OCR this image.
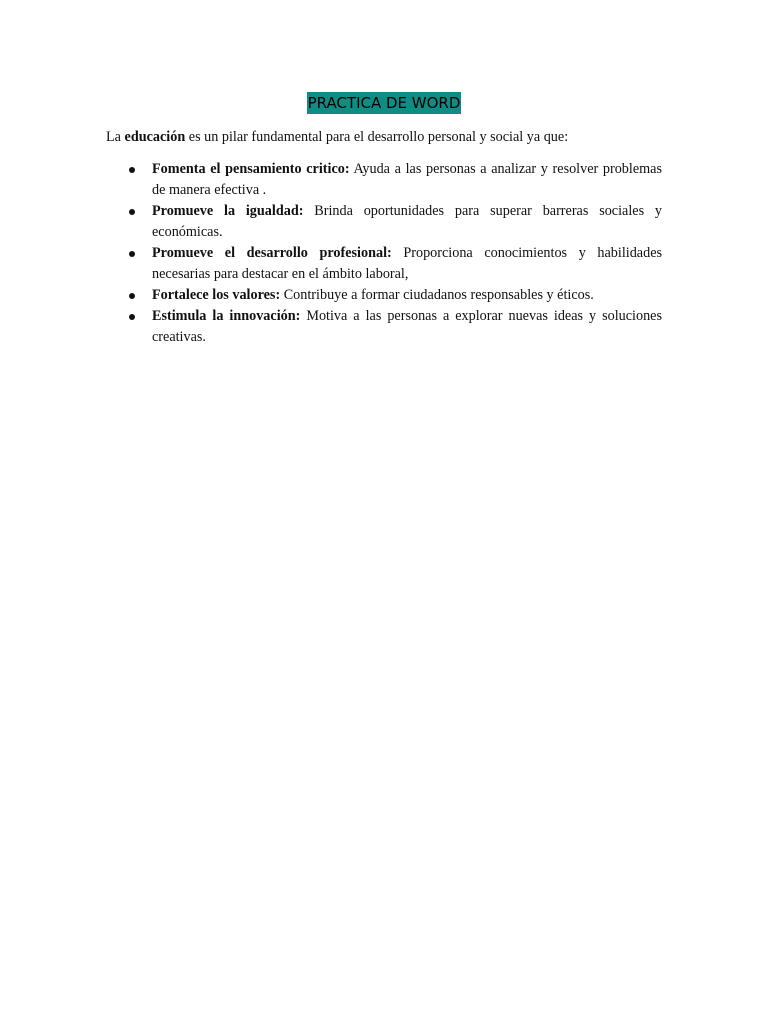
PRACTICA DE WORD
La educación es un pilar fundamental para el desarrollo personal y social ya que:
Fomenta el pensamiento critico: Ayuda a las personas a analizar y resolver problemas de manera efectiva .
Promueve la igualdad: Brinda oportunidades para superar barreras sociales y económicas.
Promueve el desarrollo profesional: Proporciona conocimientos y habilidades necesarias para destacar en el ámbito laboral,
Fortalece los valores: Contribuye a formar ciudadanos responsables y éticos.
Estimula la innovación: Motiva a las personas a explorar nuevas ideas y soluciones creativas.
